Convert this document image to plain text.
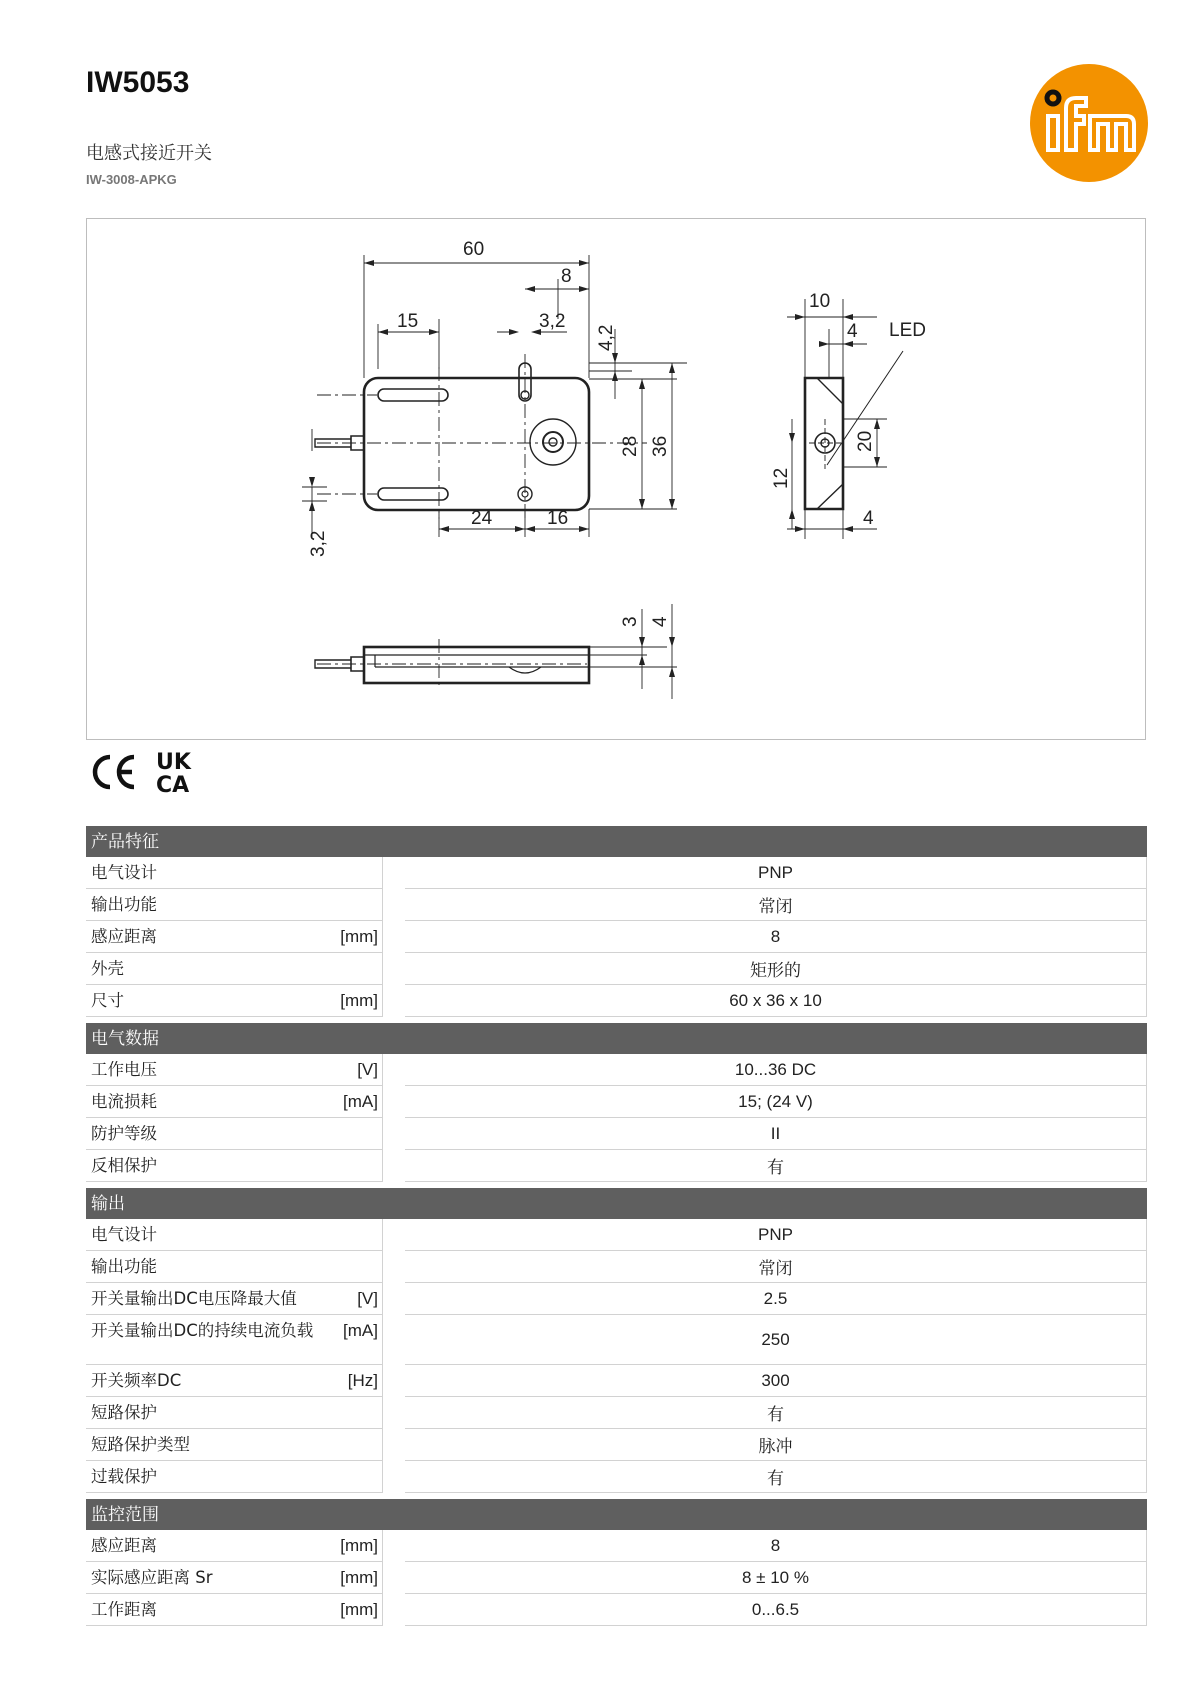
IW5053
电感式接近开关
IW-3008-APKG
60
8
15	3,2
4,2
28 36
24	16
3,2
10
4 LED
20
12
4
3 4
UK
CA
产品特征
电气设计	PNP
输出功能	常闭
感应距离	[mm]	8
外壳	矩形的
尺寸	[mm]	60 x 36 x 10
电气数据
工作电压	[V]	10...36 DC
电流损耗	[mA]	15; (24 V)
防护等级	II
反相保护	有
输出
电气设计	PNP
输出功能	常闭
开关量输出DC电压降最大值	[V]	2.5
开关量输出DC的持续电流负载	[mA]	250
开关频率DC	[Hz]	300
短路保护	有
短路保护类型	脉冲
过载保护	有
监控范围
感应距离	[mm]	8
实际感应距离 Sr	[mm]	8 ± 10 %
工作距离	[mm]	0...6.5
